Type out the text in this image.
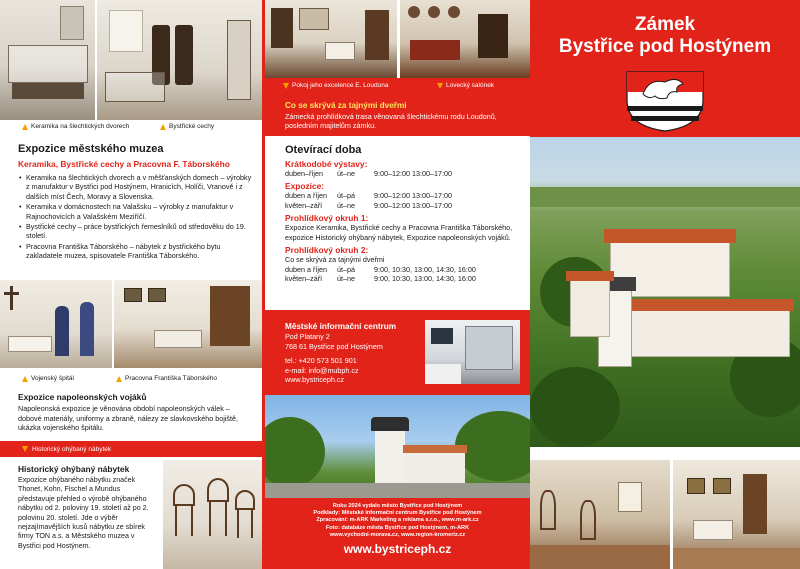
Keramika na šlechtických dvorech	Bystřické cechy
Expozice městského muzea
Keramika, Bystřické cechy a Pracovna F. Táborského
• Keramika na šlechtických dvorech a v měšťanských domech – výrobky z manufaktur v Bystřici pod Hostýnem, Hranicích, Holíči, Vranově i z dalších míst Čech, Moravy a Slovenska.
• Keramika v domácnostech na Valašsku – výrobky z manufaktur v Rajnochovicích a Valašském Meziříčí.
• Bystřické cechy – práce bystřických řemeslníků od středověku do 19. století.
• Pracovna Františka Táborského – nábytek z bystřického bytu zakladatele muzea, spisovatele Františka Táborského.
Vojenský špitál	Pracovna Františka Táborského
Expozice napoleonských vojáků
Napoleonská expozice je věnována období napoleonských válek – dobové materiály, uniformy a zbraně, nálezy ze slavkovského bojiště, ukázka vojenského špitálu.
Historický ohýbaný nábytek
Historický ohýbaný nábytek
Expozice ohýbaného nábytku značek Thonet, Kohn, Fischel a Mundus představuje přehled o výrobě ohýbaného nábytku od 2. poloviny 19. století až po 2. polovinu 20. století. Jde o výběr nejzajímavějších kusů nábytku ze sbírek firmy TON a.s. a Městského muzea v Bystřici pod Hostýnem.
Pokoj jeho excelence E. Loudona	Lovecký salónek
Co se skrývá za tajnými dveřmi
Zámecká prohlídková trasa věnovaná šlechtickému rodu Loudonů, posledním majitelům zámku.
Otevírací doba
Krátkodobé výstavy:
duben–říjen	út–ne	9:00–12:00 13:00–17:00
Expozice:
duben a říjen	út–pá	9:00–12:00 13:00–17:00
květen–září	út–ne	9:00–12:00 13:00–17:00
Prohlídkový okruh 1:
Expozice Keramika, Bystřické cechy a Pracovna Františka Táborského, expozice Historický ohýbaný nábytek, Expozice napoleonských vojáků.
Prohlídkový okruh 2:
Co se skrývá za tajnými dveřmi
duben a říjen	út–pá	9:00, 10:30, 13:00, 14:30, 16:00
květen–září	út–ne	9:00, 10:30, 13:00, 14:30, 16:00
Městské informační centrum
Pod Platany 2
768 61 Bystřice pod Hostýnem
tel.: +420 573 501 901
e-mail: info@mubph.cz
www.bystriceph.cz
Roku 2024 vydalo město Bystřice pod Hostýnem
Podklady: Městské informační centrum Bystřice pod Hostýnem
Zpracování: m-ARK Marketing a reklama s.r.o., www.m-ark.cz
Foto: databáze města Bystřice pod Hostýnem, m-ARK
www.vychodni-morava.cz, www.region-kromeriz.cz
www.bystriceph.cz
Zámek
Bystřice pod Hostýnem
